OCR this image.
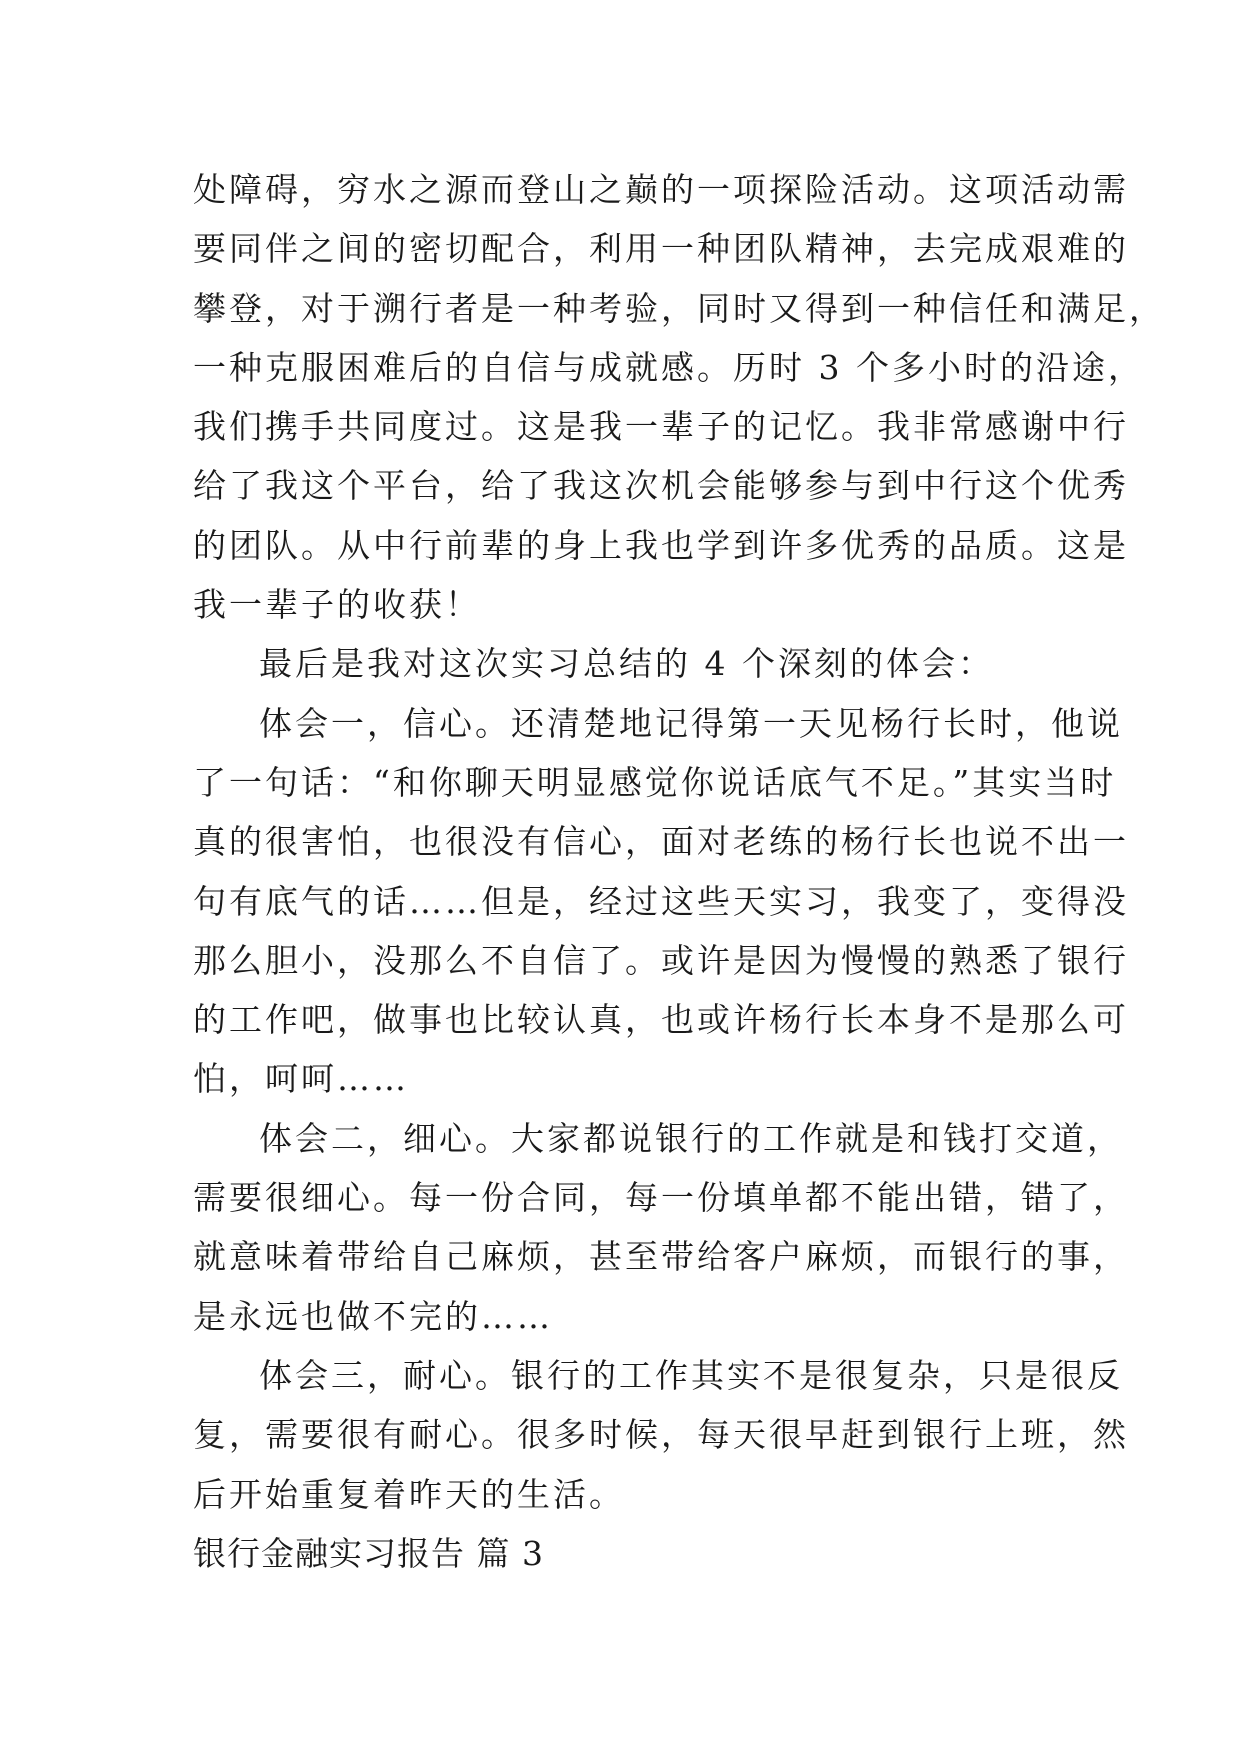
处障碍，穷水之源而登山之巅的一项探险活动。这项活动需
要同伴之间的密切配合，利用一种团队精神，去完成艰难的
攀登，对于溯行者是一种考验，同时又得到一种信任和满足，
一种克服困难后的自信与成就感。历时 3 个多小时的沿途，
我们携手共同度过。这是我一辈子的记忆。我非常感谢中行
给了我这个平台，给了我这次机会能够参与到中行这个优秀
的团队。从中行前辈的身上我也学到许多优秀的品质。这是
我一辈子的收获！
最后是我对这次实习总结的 4 个深刻的体会：
体会一，信心。还清楚地记得第一天见杨行长时，他说
了一句话：“和你聊天明显感觉你说话底气不足。”其实当时
真的很害怕，也很没有信心，面对老练的杨行长也说不出一
句有底气的话……但是，经过这些天实习，我变了，变得没
那么胆小，没那么不自信了。或许是因为慢慢的熟悉了银行
的工作吧，做事也比较认真，也或许杨行长本身不是那么可
怕，呵呵……
体会二，细心。大家都说银行的工作就是和钱打交道，
需要很细心。每一份合同，每一份填单都不能出错，错了，
就意味着带给自己麻烦，甚至带给客户麻烦，而银行的事，
是永远也做不完的……
体会三，耐心。银行的工作其实不是很复杂，只是很反
复，需要很有耐心。很多时候，每天很早赶到银行上班，然
后开始重复着昨天的生活。
银行金融实习报告 篇 3
